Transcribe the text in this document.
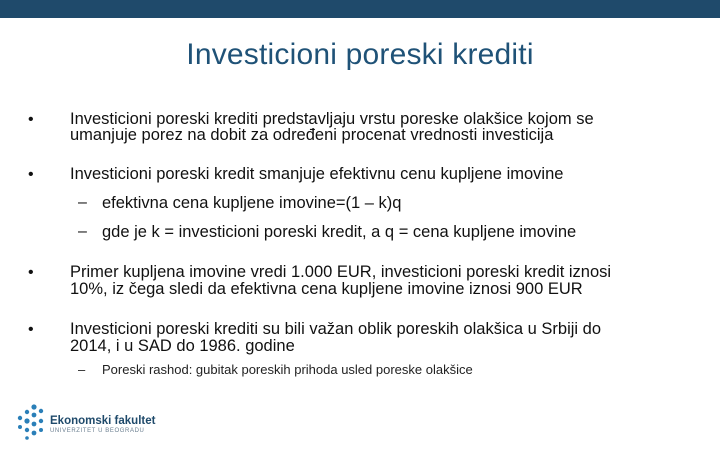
Investicioni poreski krediti
• Investicioni poreski krediti predstavljaju vrstu poreske olakšice kojom se
umanjuje porez na dobit za određeni procenat vrednosti investicija
• Investicioni poreski kredit smanjuje efektivnu cenu kupljene imovine
– efektivna cena kupljene imovine=(1 – k)q
– gde je k = investicioni poreski kredit, a q = cena kupljene imovine
• Primer kupljena imovine vredi 1.000 EUR, investicioni poreski kredit iznosi
10%, iz čega sledi da efektivna cena kupljene imovine iznosi 900 EUR
• Investicioni poreski krediti su bili važan oblik poreskih olakšica u Srbiji do
2014, i u SAD do 1986. godine
– Poreski rashod: gubitak poreskih prihoda usled poreske olakšice
Ekonomski fakultet
UNIVERZITET U BEOGRADU
